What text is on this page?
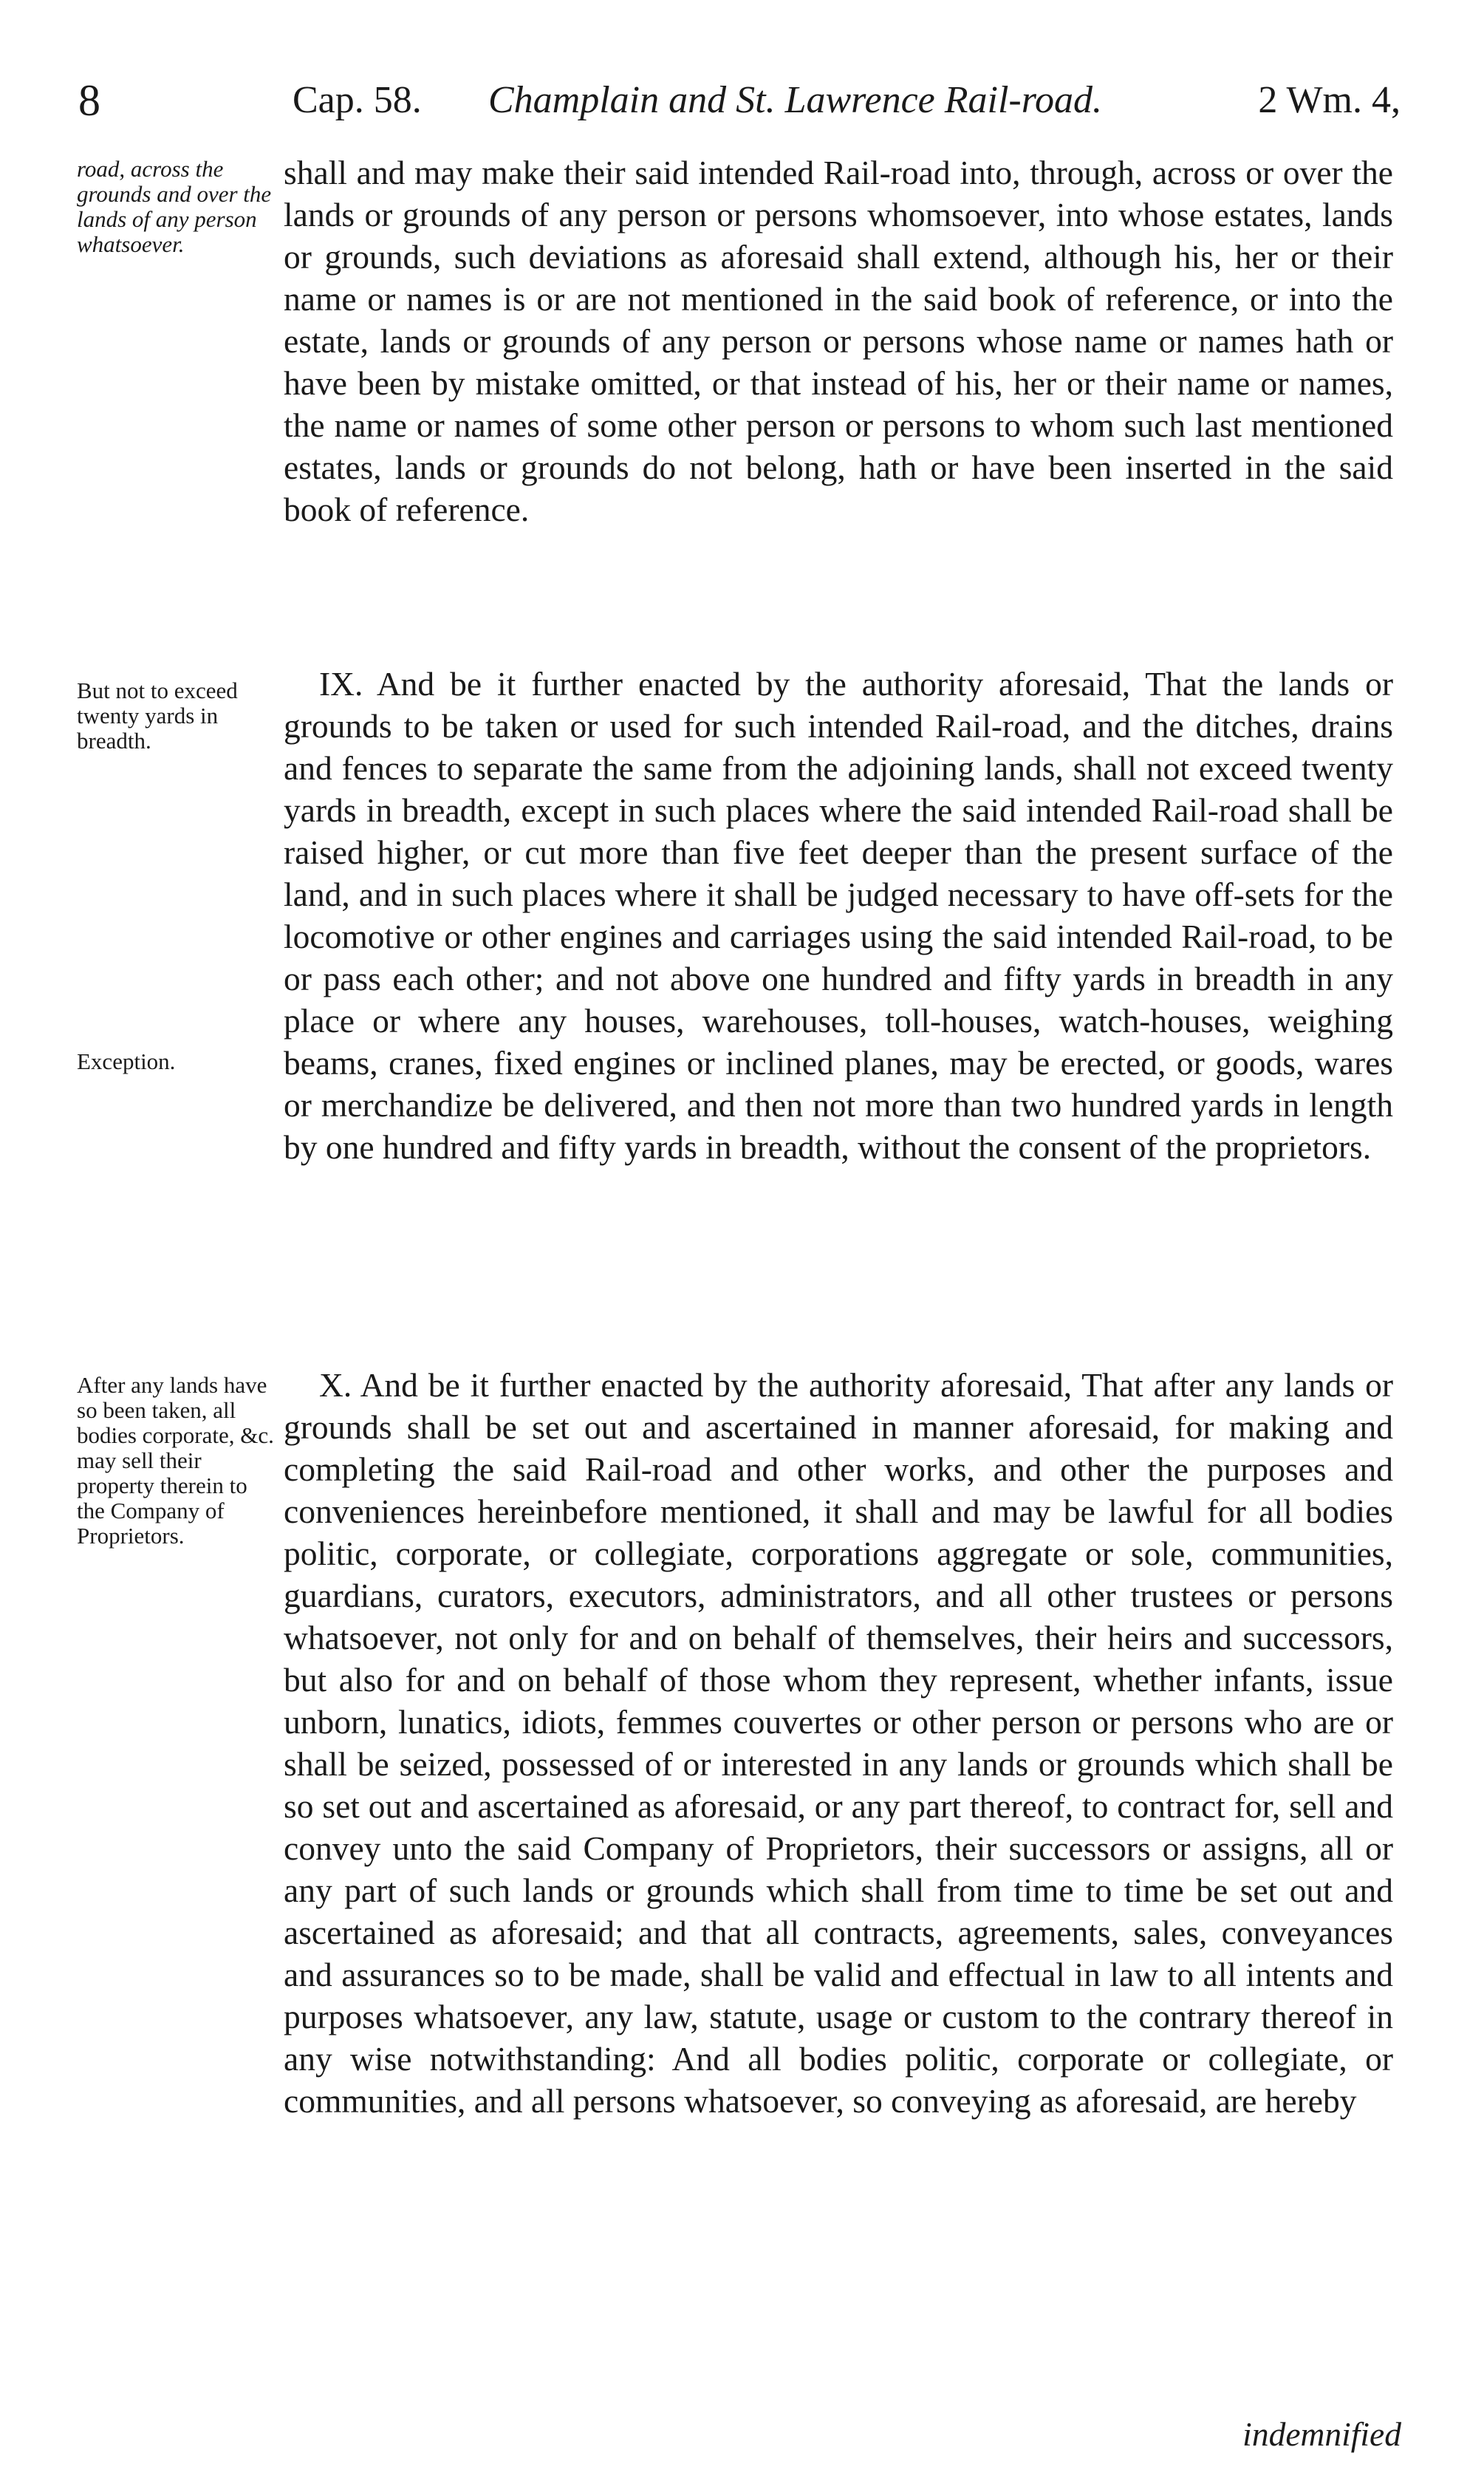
8	Cap. 58. Champlain and St. Lawrence Rail-road.	2 Wm. 4,
road, across the grounds and over the lands of any person whatsoever.

shall and may make their said intended Rail-road into, through, across or over the lands or grounds of any person or persons whomsoever, into whose estates, lands or grounds, such deviations as aforesaid shall extend, although his, her or their name or names is or are not mentioned in the said book of reference, or into the estate, lands or grounds of any person or persons whose name or names hath or have been by mistake omitted, or that instead of his, her or their name or names, the name or names of some other person or persons to whom such last mentioned estates, lands or grounds do not belong, hath or have been inserted in the said book of reference.

But not to exceed twenty yards in breadth.

IX. And be it further enacted by the authority aforesaid, That the lands or grounds to be taken or used for such intended Rail-road, and the ditches, drains and fences to separate the same from the adjoining lands, shall not exceed twenty yards in breadth, except in such places where the said intended Rail-road shall be raised higher, or cut more than five feet deeper than the present surface of the land, and in such places where it shall be judged necessary to have off-sets for the locomotive or other engines and carriages using the said intended Rail-road, to be or pass each other; and not above one hundred and fifty yards in breadth in any place or where any houses, warehouses, toll-houses, watch-houses, weighing beams, cranes, fixed engines or inclined planes, may be erected, or goods, wares or merchandize be delivered, and then not more than two hundred yards in length by one hundred and fifty yards in breadth, without the consent of the proprietors.

Exception.
After any lands have so been taken, all bodies corporate, &c. may sell their property therein to the Company of Proprietors.

X. And be it further enacted by the authority aforesaid, That after any lands or grounds shall be set out and ascertained in manner aforesaid, for making and completing the said Rail-road and other works, and other the purposes and conveniences hereinbefore mentioned, it shall and may be lawful for all bodies politic, corporate, or collegiate, corporations aggregate or sole, communities, guardians, curators, executors, administrators, and all other trustees or persons whatsoever, not only for and on behalf of themselves, their heirs and successors, but also for and on behalf of those whom they represent, whether infants, issue unborn, lunatics, idiots, femmes couvertes or other person or persons who are or shall be seized, possessed of or interested in any lands or grounds which shall be so set out and ascertained as aforesaid, or any part thereof, to contract for, sell and convey unto the said Company of Proprietors, their successors or assigns, all or any part of such lands or grounds which shall from time to time be set out and ascertained as aforesaid; and that all contracts, agreements, sales, conveyances and assurances so to be made, shall be valid and effectual in law to all intents and purposes whatsoever, any law, statute, usage or custom to the contrary thereof in any wise notwithstanding: And all bodies politic, corporate or collegiate, or communities, and all persons whatsoever, so conveying as aforesaid, are hereby

indemnified
